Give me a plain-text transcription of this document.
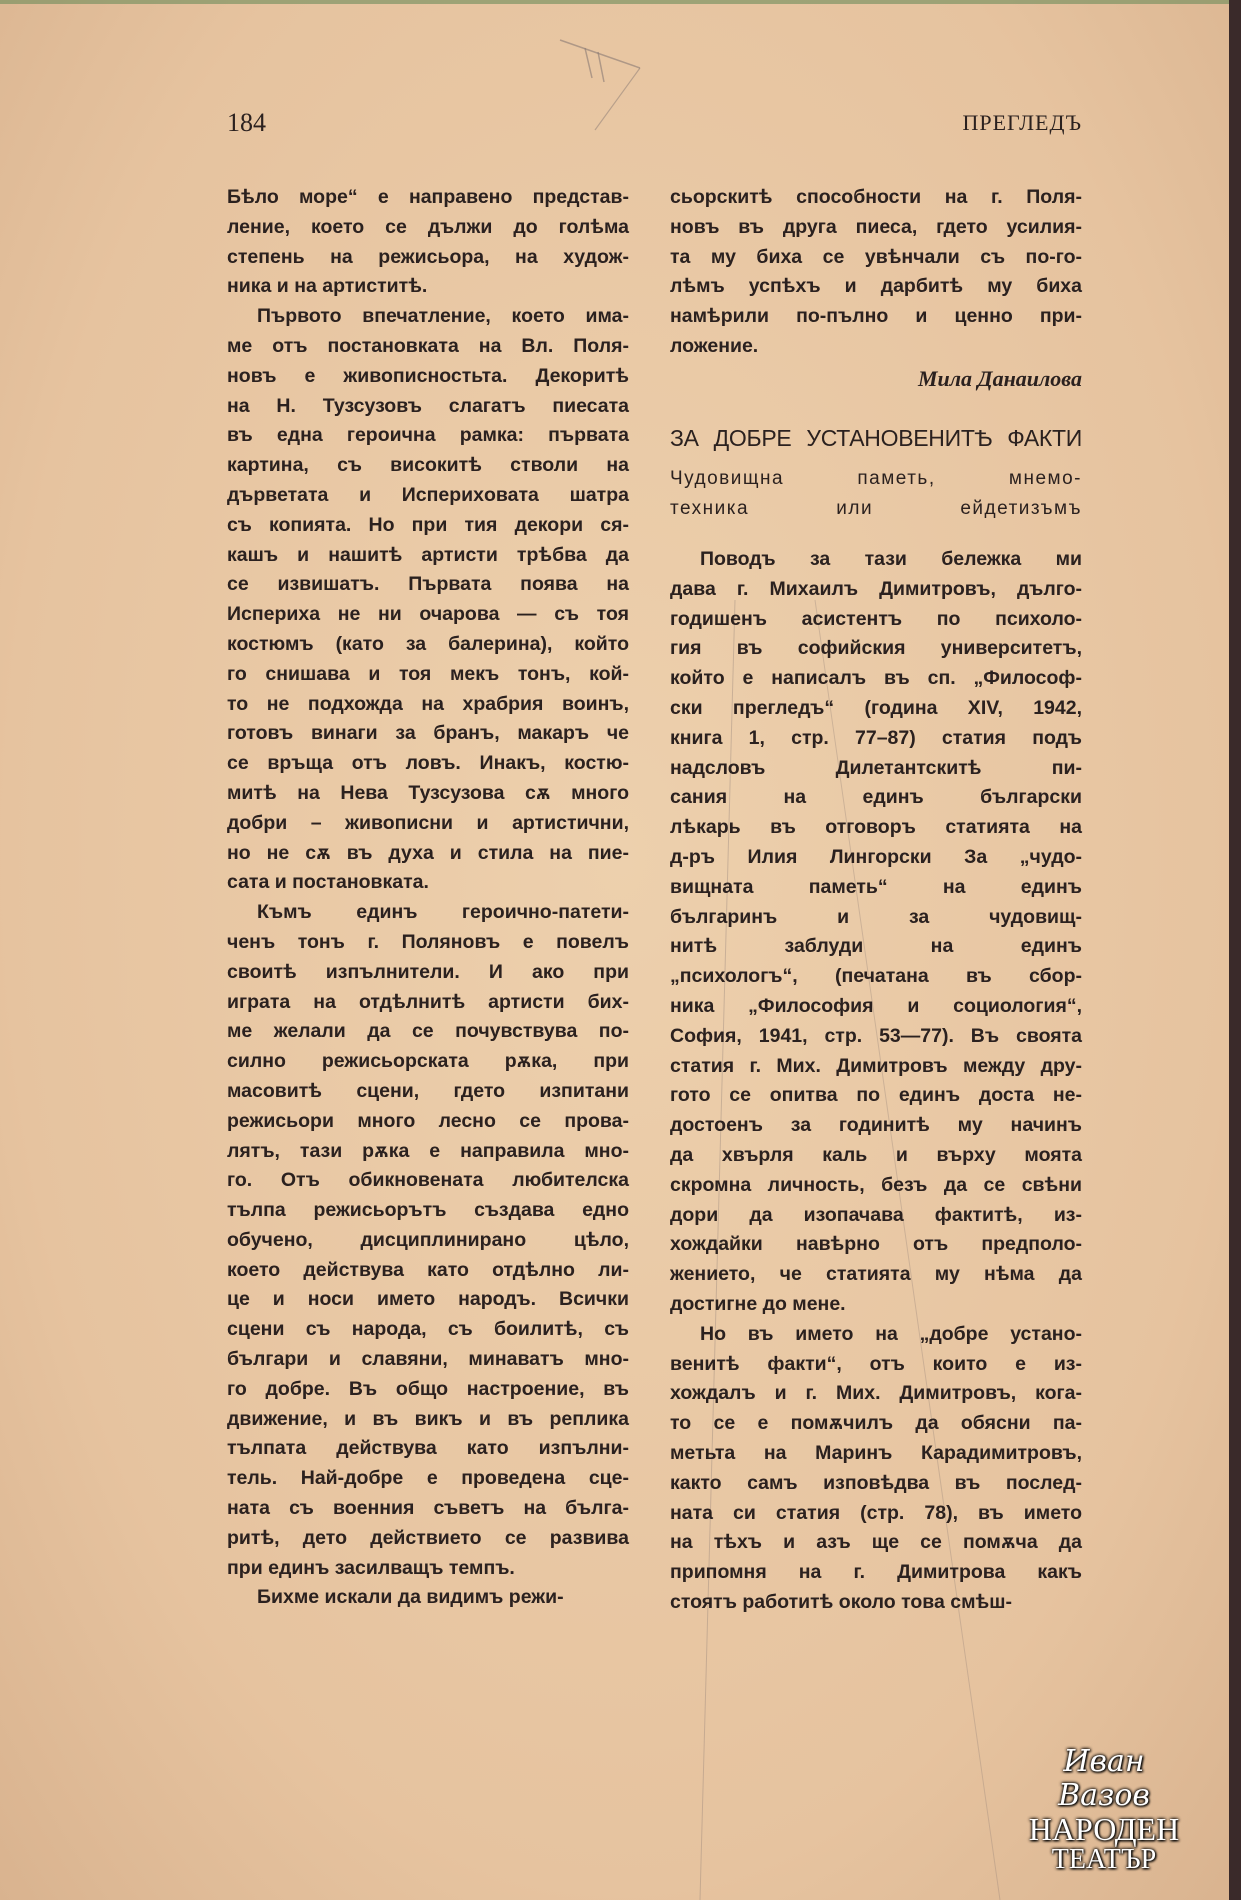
184	ПРЕГЛЕДЪ
Бѣло море“ е направено представ-
ление, което се дължи до голѣма
степень на режисьора, на худож-
ника и на артиститѣ.
Първото впечатление, което има-
ме отъ постановката на Вл. Поля-
новъ е живописностьта. Декоритѣ
на Н. Тузсузовъ слагатъ пиесата
въ една героична рамка: първата
картина, съ високитѣ стволи на
дърветата и Исперихoвата шатра
съ копията. Но при тия декори ся-
кашъ и нашитѣ артисти трѣбва да
се извишатъ. Първата поява на
Исперихa не ни очарова — съ тоя
костюмъ (като за балерина), който
го снишава и тоя мекъ тонъ, кой-
то не подхожда на храбрия воинъ,
готовъ винаги за бранъ, макаръ че
се връща отъ ловъ. Инакъ, костю-
митѣ на Нева Тузсузова сѫ много
добри – живописни и артистични,
но не сѫ въ духа и стила на пие-
сата и постановката.
Къмъ единъ героично-патети-
ченъ тонъ г. Поляновъ е повелъ
своитѣ изпълнители. И ако при
играта на отдѣлнитѣ артисти бих-
ме желали да се почувствува по-
силно режисьорската рѫка, при
масовитѣ сцени, гдето изпитани
режисьори много лесно се прова-
лятъ, тази рѫка е направила мно-
го. Отъ обикновената любителска
тълпа режисьорътъ създава едно
обучено, дисциплинирано цѣло,
което действува като отдѣлно ли-
це и носи името народъ. Всички
сцени съ народа, съ боилитѣ, съ
българи и славяни, минаватъ мно-
го добре. Въ общо настроение, въ
движение, и въ викъ и въ реплика
тълпата действува като изпълни-
тель. Най-добре е проведена сце-
ната съ военния съветъ на бълга-
ритѣ, дето действието се развива
при единъ засилващъ темпъ.
Бихме искали да видимъ режи-
сьорскитѣ способности на г. Поля-
новъ въ друга пиеса, гдето усилия-
та му биха се увѣнчали съ по-го-
лѣмъ успѣхъ и дарбитѣ му биха
намѣрили по-пълно и ценно при-
ложение.
Мила Данаилова
ЗА ДОБРЕ УСТАНОВЕНИТѢ ФАКТИ
Чудовищна паметь, мнемо-
техника или ейдетизъмъ
Поводъ за тази бележка ми
дава г. Михаилъ Димитровъ, дълго-
годишенъ асистентъ по психоло-
гия въ софийския университетъ,
който е написалъ въ сп. „Философ-
ски прегледъ“ (година XIV, 1942,
книга 1, стр. 77–87) статия подъ
надсловъ Дилетантскитѣ пи-
сания на единъ български
лѣкарь въ отговоръ статията на
д-ръ Илия Лингорски За „чудо-
вищната паметь“ на единъ
българинъ и за чудовищ-
нитѣ заблуди на единъ
„психологъ“, (печатана въ сбор-
ника „Философия и социология“,
София, 1941, стр. 53—77). Въ своята
статия г. Мих. Димитровъ между дру-
гото се опитва по единъ доста не-
достоенъ за годинитѣ му начинъ
да хвърля каль и върху моята
скромна личность, безъ да се свѣни
дори да изопачава фактитѣ, из-
хождайки навѣрно отъ предполо-
жението, че статията му нѣма да
достигне до мене.
Но въ името на „добре устано-
венитѣ факти“, отъ които е из-
хождалъ и г. Мих. Димитровъ, кога-
то се е помѫчилъ да обясни па-
метьта на Маринъ Карадимитровъ,
както самъ изповѣдва въ послед-
ната си статия (стр. 78), въ името
на тѣхъ и азъ ще се помѫча да
припомня на г. Димитрова какъ
стоятъ работитѣ около това смѣш-
Иван Вазов
НАРОДЕН
ТЕАТЪР
